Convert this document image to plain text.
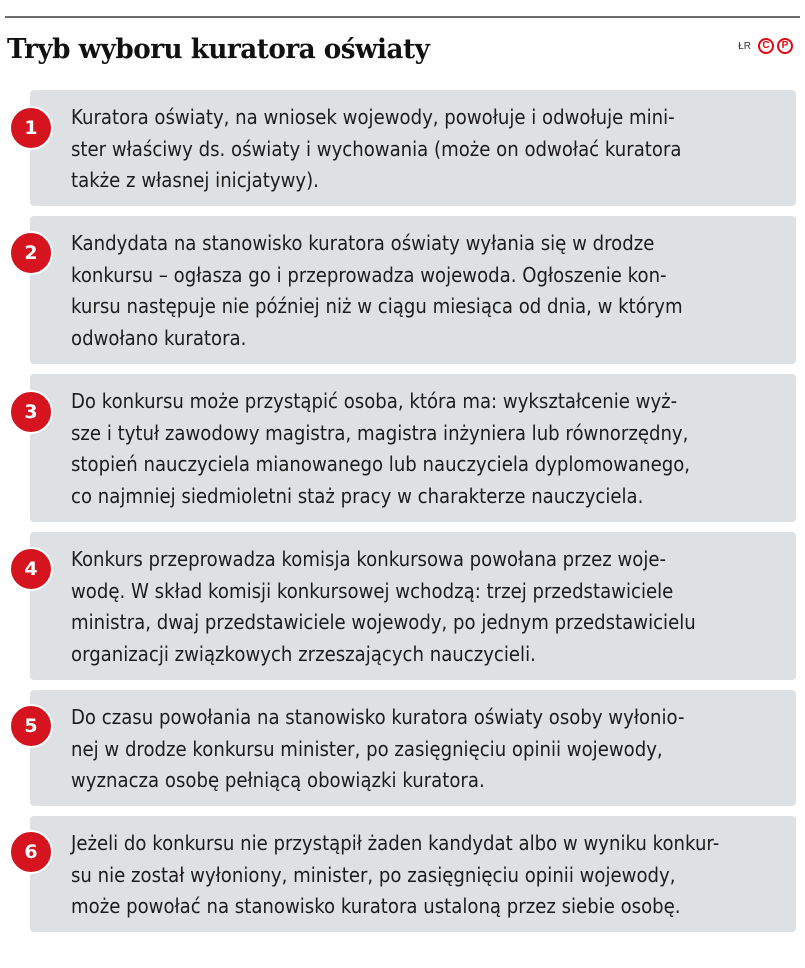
Tryb wyboru kuratora oświaty	ŁR	C	P
1	Kuratora oświaty, na wniosek wojewody, powołuje i odwołuje mini-
ster właściwy ds. oświaty i wychowania (może on odwołać kuratora
także z własnej inicjatywy).
2	Kandydata na stanowisko kuratora oświaty wyłania się w drodze
konkursu – ogłasza go i przeprowadza wojewoda. Ogłoszenie kon-
kursu następuje nie później niż w ciągu miesiąca od dnia, w którym
odwołano kuratora.
3	Do konkursu może przystąpić osoba, która ma: wykształcenie wyż-
sze i tytuł zawodowy magistra, magistra inżyniera lub równorzędny,
stopień nauczyciela mianowanego lub nauczyciela dyplomowanego,
co najmniej siedmioletni staż pracy w charakterze nauczyciela.
4	Konkurs przeprowadza komisja konkursowa powołana przez woje-
wodę. W skład komisji konkursowej wchodzą: trzej przedstawiciele
ministra, dwaj przedstawiciele wojewody, po jednym przedstawicielu
organizacji związkowych zrzeszających nauczycieli.
5	Do czasu powołania na stanowisko kuratora oświaty osoby wyłonio-
nej w drodze konkursu minister, po zasięgnięciu opinii wojewody,
wyznacza osobę pełniącą obowiązki kuratora.
6	Jeżeli do konkursu nie przystąpił żaden kandydat albo w wyniku konkur-
su nie został wyłoniony, minister, po zasięgnięciu opinii wojewody,
może powołać na stanowisko kuratora ustaloną przez siebie osobę.
